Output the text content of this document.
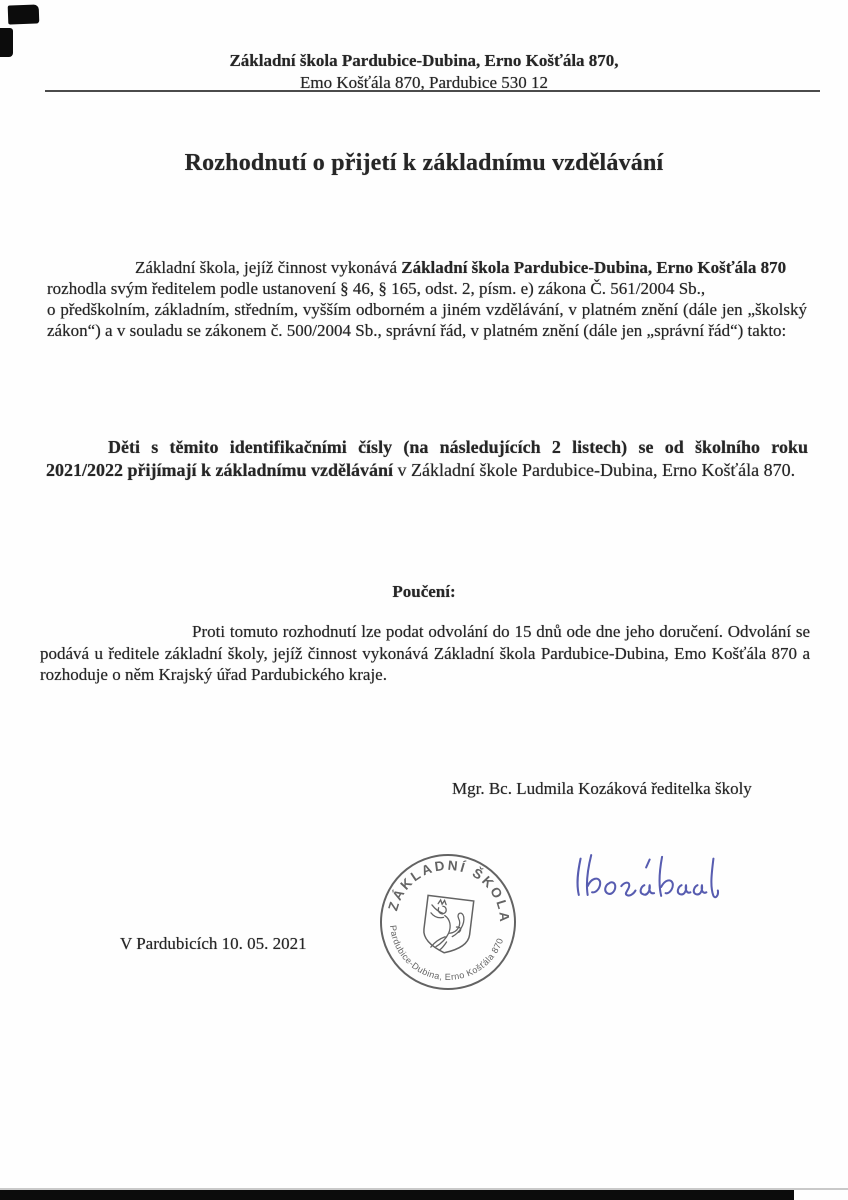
Základní škola Pardubice-Dubina, Erno Košťála 870,
Emo Košťála 870, Pardubice 530 12
Rozhodnutí o přijetí k základnímu vzdělávání

Základní škola, jejíž činnost vykonává Základní škola Pardubice-Dubina, Erno Košťála 870
rozhodla svým ředitelem podle ustanovení § 46, § 165, odst. 2, písm. e) zákona Č. 561/2004 Sb.,
o předškolním, základním, středním, vyšším odborném a jiném vzdělávání, v platném znění (dále jen „školský zákon“) a v souladu se zákonem č. 500/2004 Sb., správní řád, v platném znění (dále jen „správní řád“) takto:

Děti s těmito identifikačními čísly (na následujících 2 listech) se od školního roku 2021/2022 přijímají k základnímu vzdělávání v Základní škole Pardubice-Dubina, Erno Košťála 870.

Poučení:

Proti tomuto rozhodnutí lze podat odvolání do 15 dnů ode dne jeho doručení. Odvolání se podává u ředitele základní školy, jejíž činnost vykonává Základní škola Pardubice-Dubina, Emo Košťála 870 a rozhoduje o něm Krajský úřad Pardubického kraje.

Mgr. Bc. Ludmila Kozáková ředitelka školy
ZÁKLADNÍ ŠKOLA
Pardubice-Dubina, Erno Košťála 870
V Pardubicích 10. 05. 2021
